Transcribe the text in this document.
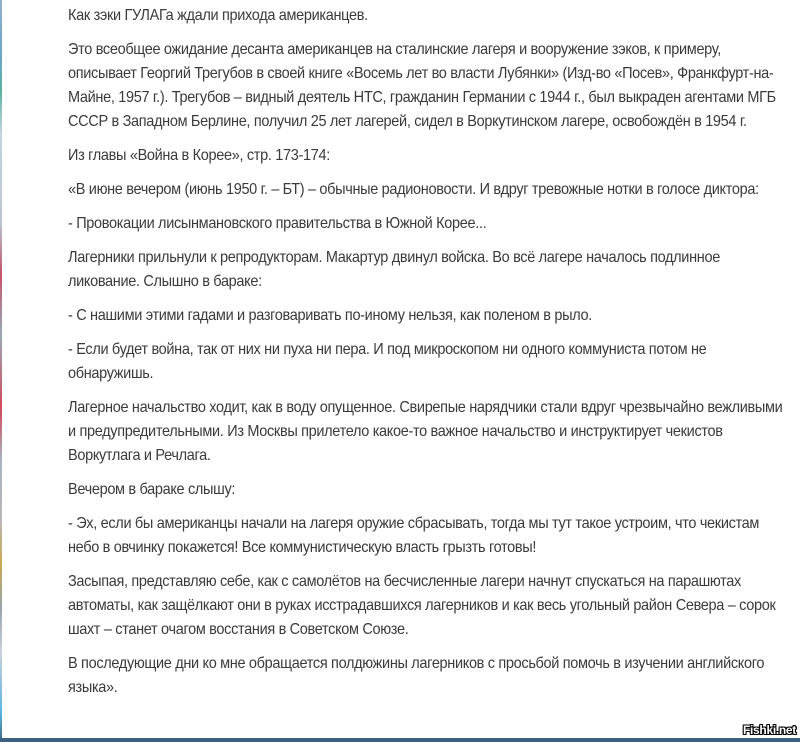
Как зэки ГУЛАГа ждали прихода американцев.

Это всеобщее ожидание десанта американцев на сталинские лагеря и вооружение зэков, к примеру, описывает Георгий Трегубов в своей книге «Восемь лет во власти Лубянки» (Изд-во «Посев», Франкфурт-на-Майне, 1957 г.). Трегубов – видный деятель НТС, гражданин Германии с 1944 г., был выкраден агентами МГБ СССР в Западном Берлине, получил 25 лет лагерей, сидел в Воркутинском лагере, освобождён в 1954 г.

Из главы «Война в Корее», стр. 173-174:

«В июне вечером (июнь 1950 г. – БТ) – обычные радионовости. И вдруг тревожные нотки в голосе диктора:

- Провокации лисынмановского правительства в Южной Корее...

Лагерники прильнули к репродукторам. Макартур двинул войска. Во всё лагере началось подлинное ликование. Слышно в бараке:

- С нашими этими гадами и разговаривать по-иному нельзя, как поленом в рыло.

- Если будет война, так от них ни пуха ни пера. И под микроскопом ни одного коммуниста потом не обнаружишь.

Лагерное начальство ходит, как в воду опущенное. Свирепые нарядчики стали вдруг чрезвычайно вежливыми и предупредительными. Из Москвы прилетело какое-то важное начальство и инструктирует чекистов Воркутлага и Речлага.

Вечером в бараке слышу:

- Эх, если бы американцы начали на лагеря оружие сбрасывать, тогда мы тут такое устроим, что чекистам небо в овчинку покажется! Все коммунистическую власть грызть готовы!

Засыпая, представляю себе, как с самолётов на бесчисленные лагери начнут спускаться на парашютах автоматы, как защёлкают они в руках исстрадавшихся лагерников и как весь угольный район Севера – сорок шахт – станет очагом восстания в Советском Союзе.

В последующие дни ко мне обращается полдюжины лагерников с просьбой помочь в изучении английского языка».

Fishki.net
